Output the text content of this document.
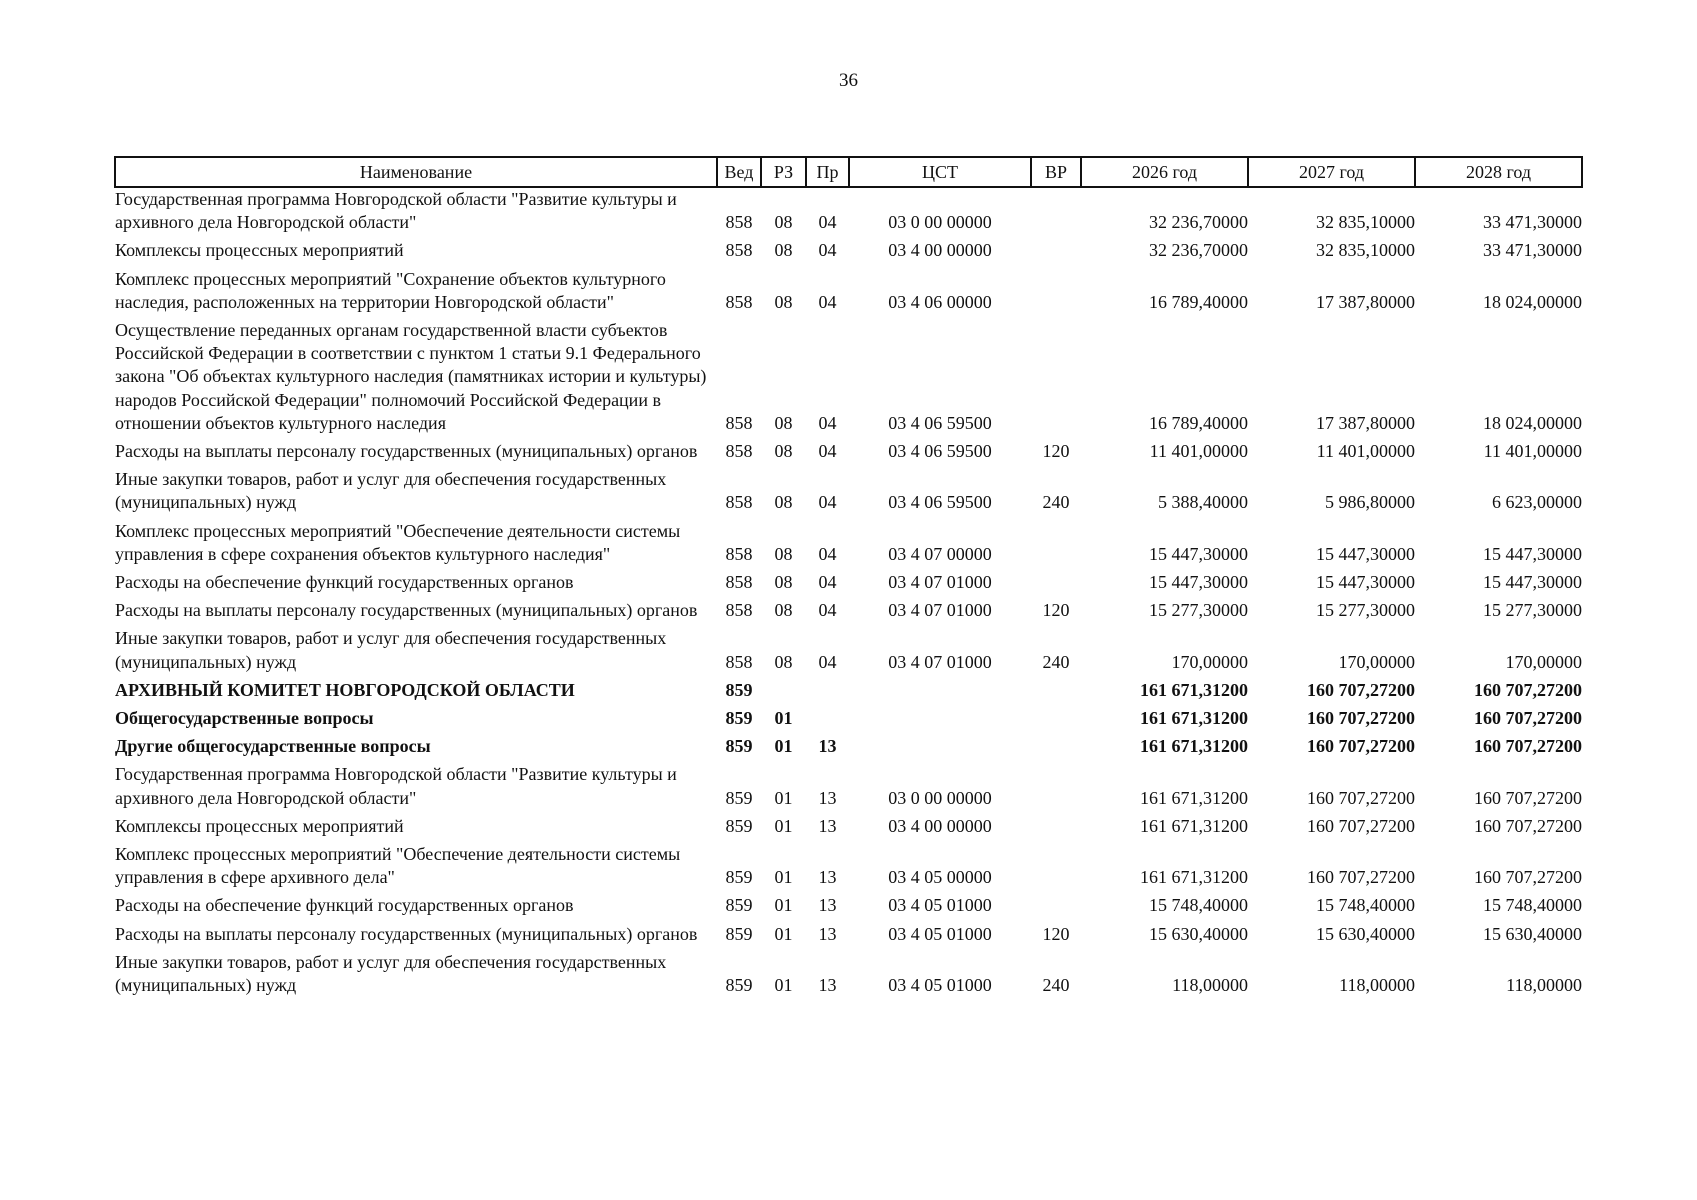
36
Наименование	Вед	РЗ	Пр	ЦСТ	ВР	2026 год	2027 год	2028 год
Государственная программа Новгородской области "Развитие культуры и архивного дела Новгородской области"	858	08	04	03 0 00 00000		32 236,70000	32 835,10000	33 471,30000
Комплексы процессных мероприятий	858	08	04	03 4 00 00000		32 236,70000	32 835,10000	33 471,30000
Комплекс процессных мероприятий "Сохранение объектов культурного наследия, расположенных на территории Новгородской области"	858	08	04	03 4 06 00000		16 789,40000	17 387,80000	18 024,00000
Осуществление переданных органам государственной власти субъектов Российской Федерации в соответствии с пунктом 1 статьи 9.1 Федерального закона "Об объектах культурного наследия (памятниках истории и культуры) народов Российской Федерации" полномочий Российской Федерации в отношении объектов культурного наследия	858	08	04	03 4 06 59500		16 789,40000	17 387,80000	18 024,00000
Расходы на выплаты персоналу государственных (муниципальных) органов	858	08	04	03 4 06 59500	120	11 401,00000	11 401,00000	11 401,00000
Иные закупки товаров, работ и услуг для обеспечения государственных (муниципальных) нужд	858	08	04	03 4 06 59500	240	5 388,40000	5 986,80000	6 623,00000
Комплекс процессных мероприятий "Обеспечение деятельности системы управления в сфере сохранения объектов культурного наследия"	858	08	04	03 4 07 00000		15 447,30000	15 447,30000	15 447,30000
Расходы на обеспечение функций государственных органов	858	08	04	03 4 07 01000		15 447,30000	15 447,30000	15 447,30000
Расходы на выплаты персоналу государственных (муниципальных) органов	858	08	04	03 4 07 01000	120	15 277,30000	15 277,30000	15 277,30000
Иные закупки товаров, работ и услуг для обеспечения государственных (муниципальных) нужд	858	08	04	03 4 07 01000	240	170,00000	170,00000	170,00000
АРХИВНЫЙ КОМИТЕТ НОВГОРОДСКОЙ ОБЛАСТИ	859					161 671,31200	160 707,27200	160 707,27200
Общегосударственные вопросы	859	01				161 671,31200	160 707,27200	160 707,27200
Другие общегосударственные вопросы	859	01	13			161 671,31200	160 707,27200	160 707,27200
Государственная программа Новгородской области "Развитие культуры и архивного дела Новгородской области"	859	01	13	03 0 00 00000		161 671,31200	160 707,27200	160 707,27200
Комплексы процессных мероприятий	859	01	13	03 4 00 00000		161 671,31200	160 707,27200	160 707,27200
Комплекс процессных мероприятий "Обеспечение деятельности системы управления в сфере архивного дела"	859	01	13	03 4 05 00000		161 671,31200	160 707,27200	160 707,27200
Расходы на обеспечение функций государственных органов	859	01	13	03 4 05 01000		15 748,40000	15 748,40000	15 748,40000
Расходы на выплаты персоналу государственных (муниципальных) органов	859	01	13	03 4 05 01000	120	15 630,40000	15 630,40000	15 630,40000
Иные закупки товаров, работ и услуг для обеспечения государственных (муниципальных) нужд	859	01	13	03 4 05 01000	240	118,00000	118,00000	118,00000
